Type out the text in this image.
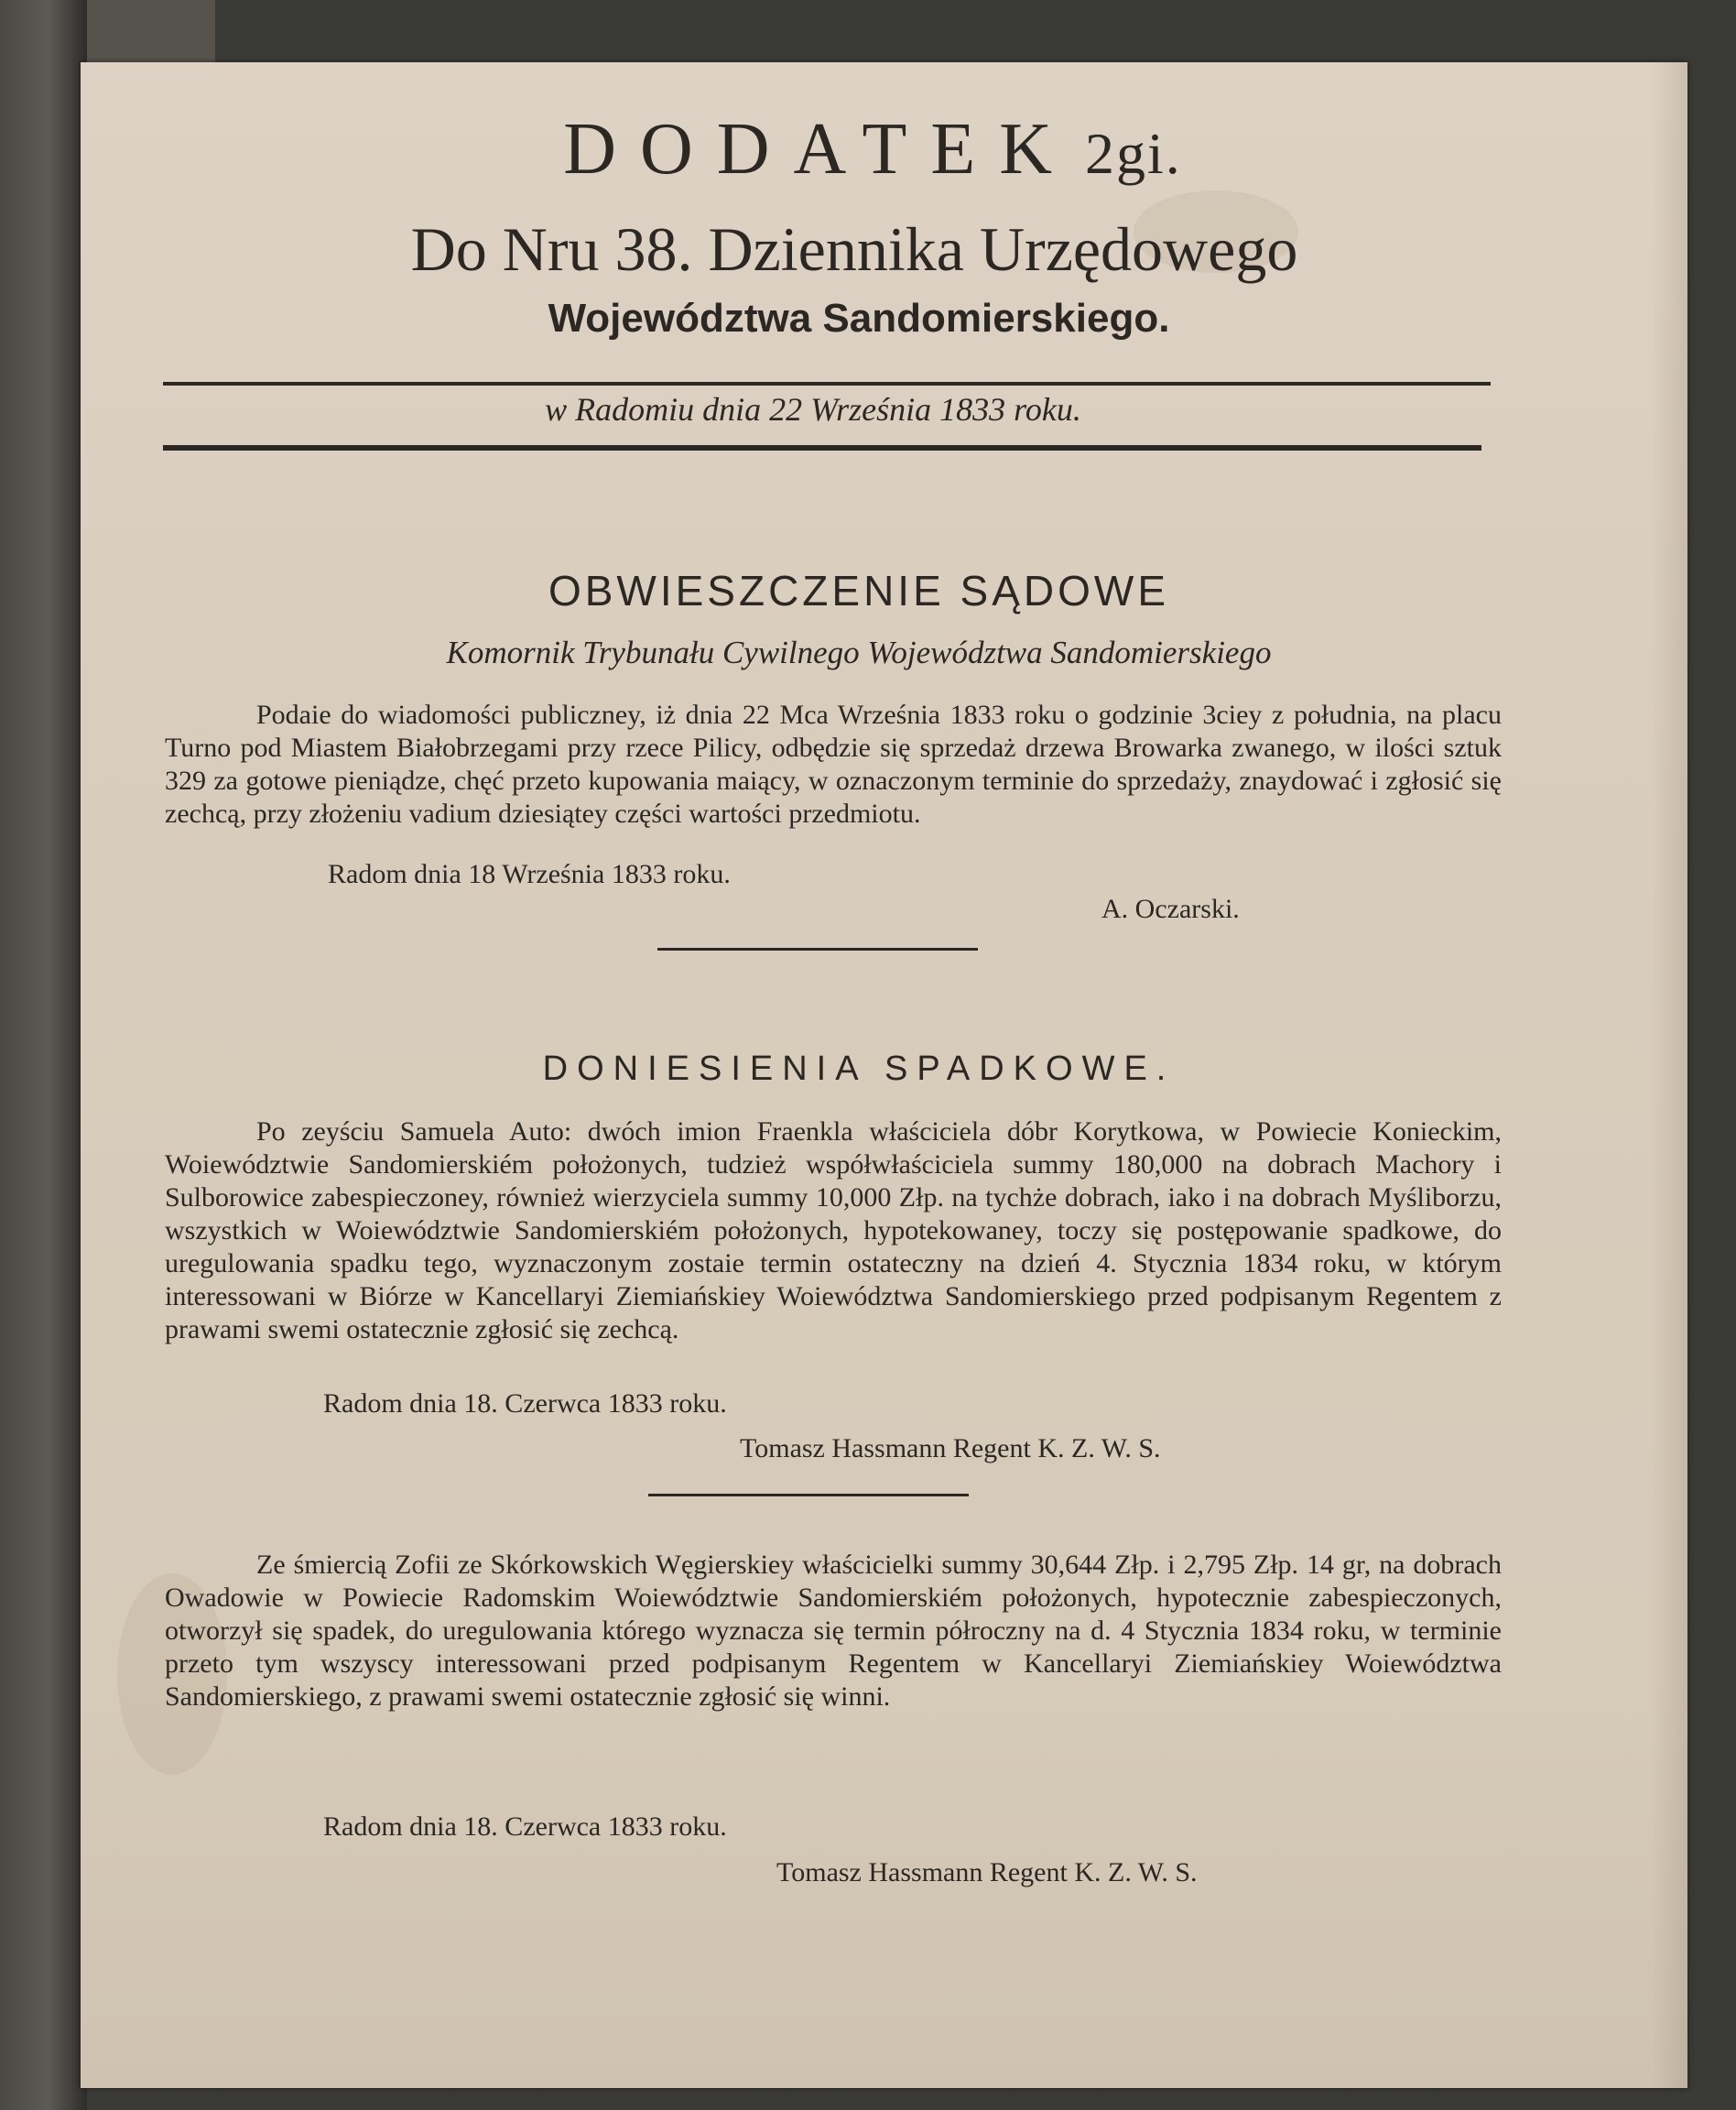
DODATEK 2gi.
Do Nru 38. Dziennika Urzędowego
Województwa Sandomierskiego.
w Radomiu dnia 22 Września 1833 roku.
OBWIESZCZENIE SĄDOWE
Komornik Trybunału Cywilnego Województwa Sandomierskiego
Podaie do wiadomości publiczney, iż dnia 22 Mca Września 1833 roku o godzinie 3ciey z południa, na placu Turno pod Miastem Białobrzegami przy rzece Pilicy, odbędzie się sprzedaż drzewa Browarka zwanego, w ilości sztuk 329 za gotowe pieniądze, chęć przeto kupowania maiący, w oznaczonym terminie do sprzedaży, znaydować i zgłosić się zechcą, przy złożeniu vadium dziesiątey części wartości przedmiotu.
Radom dnia 18 Września 1833 roku.
A. Oczarski.
DONIESIENIA SPADKOWE.
Po zeyściu Samuela Auto: dwóch imion Fraenkla właściciela dóbr Korytkowa, w Powiecie Konieckim, Woiewództwie Sandomierskiém położonych, tudzież współwłaściciela summy 180,000 na dobrach Machory i Sulborowice zabespieczoney, również wierzyciela summy 10,000 Złp. na tychże dobrach, iako i na dobrach Myśliborzu, wszystkich w Woiewództwie Sandomierskiém położonych, hypotekowaney, toczy się postępowanie spadkowe, do uregulowania spadku tego, wyznaczonym zostaie termin ostateczny na dzień 4. Stycznia 1834 roku, w którym interessowani w Biórze w Kancellaryi Ziemiańskiey Woiewództwa Sandomierskiego przed podpisanym Regentem z prawami swemi ostatecznie zgłosić się zechcą.
Radom dnia 18. Czerwca 1833 roku.
Tomasz Hassmann Regent K. Z. W. S.
Ze śmiercią Zofii ze Skórkowskich Węgierskiey właścicielki summy 30,644 Złp. i 2,795 Złp. 14 gr, na dobrach Owadowie w Powiecie Radomskim Woiewództwie Sandomierskiém położonych, hypotecznie zabespieczonych, otworzył się spadek, do uregulowania którego wyznacza się termin półroczny na d. 4 Stycznia 1834 roku, w terminie przeto tym wszyscy interessowani przed podpisanym Regentem w Kancellaryi Ziemiańskiey Woiewództwa Sandomierskiego, z prawami swemi ostatecznie zgłosić się winni.
Radom dnia 18. Czerwca 1833 roku.
Tomasz Hassmann Regent K. Z. W. S.
